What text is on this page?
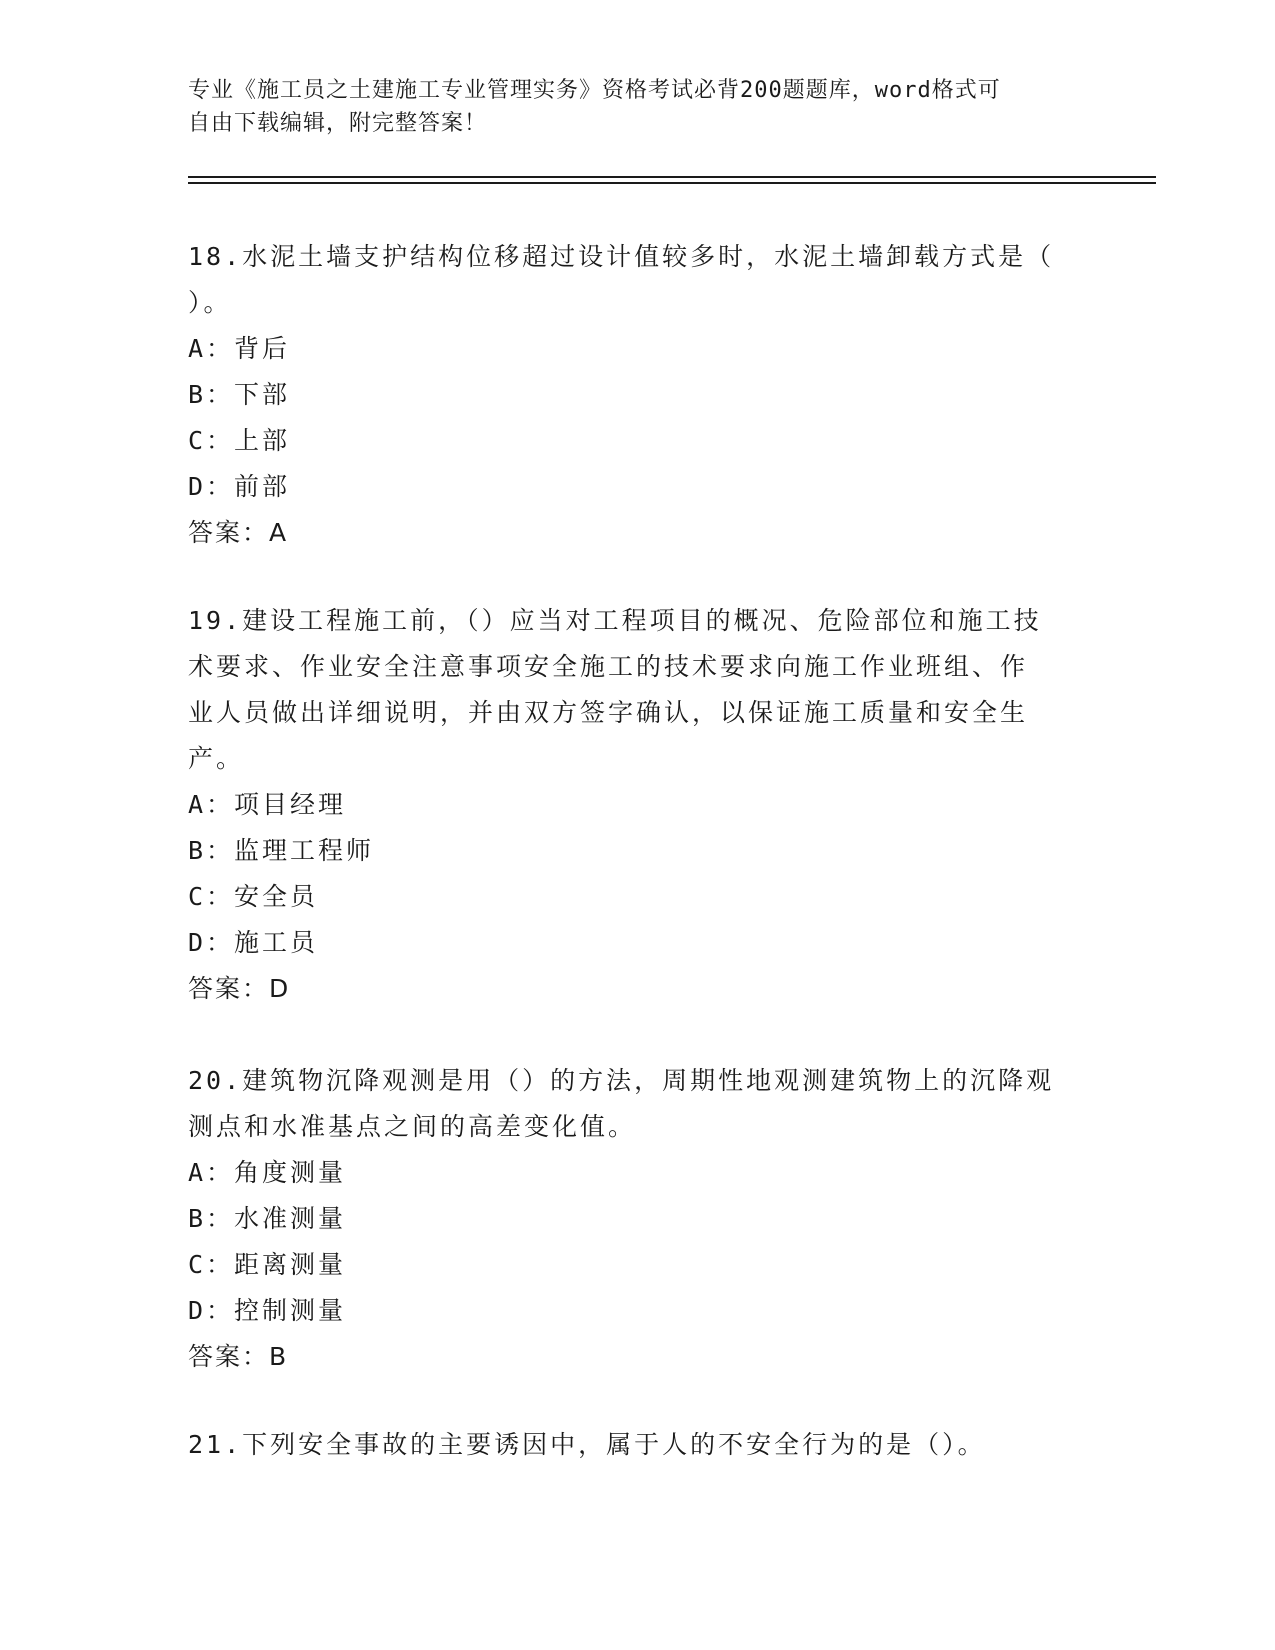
专业《施工员之土建施工专业管理实务》资格考试必背200题题库，word格式可
自由下载编辑，附完整答案！
18.水泥土墙支护结构位移超过设计值较多时，水泥土墙卸载方式是（
）。
A：背后
B：下部
C：上部
D：前部
答案：A
19.建设工程施工前，（）应当对工程项目的概况、危险部位和施工技
术要求、作业安全注意事项安全施工的技术要求向施工作业班组、作
业人员做出详细说明，并由双方签字确认，以保证施工质量和安全生
产。
A：项目经理
B：监理工程师
C：安全员
D：施工员
答案：D
20.建筑物沉降观测是用（）的方法，周期性地观测建筑物上的沉降观
测点和水准基点之间的高差变化值。
A：角度测量
B：水准测量
C：距离测量
D：控制测量
答案：B
21.下列安全事故的主要诱因中，属于人的不安全行为的是（）。
